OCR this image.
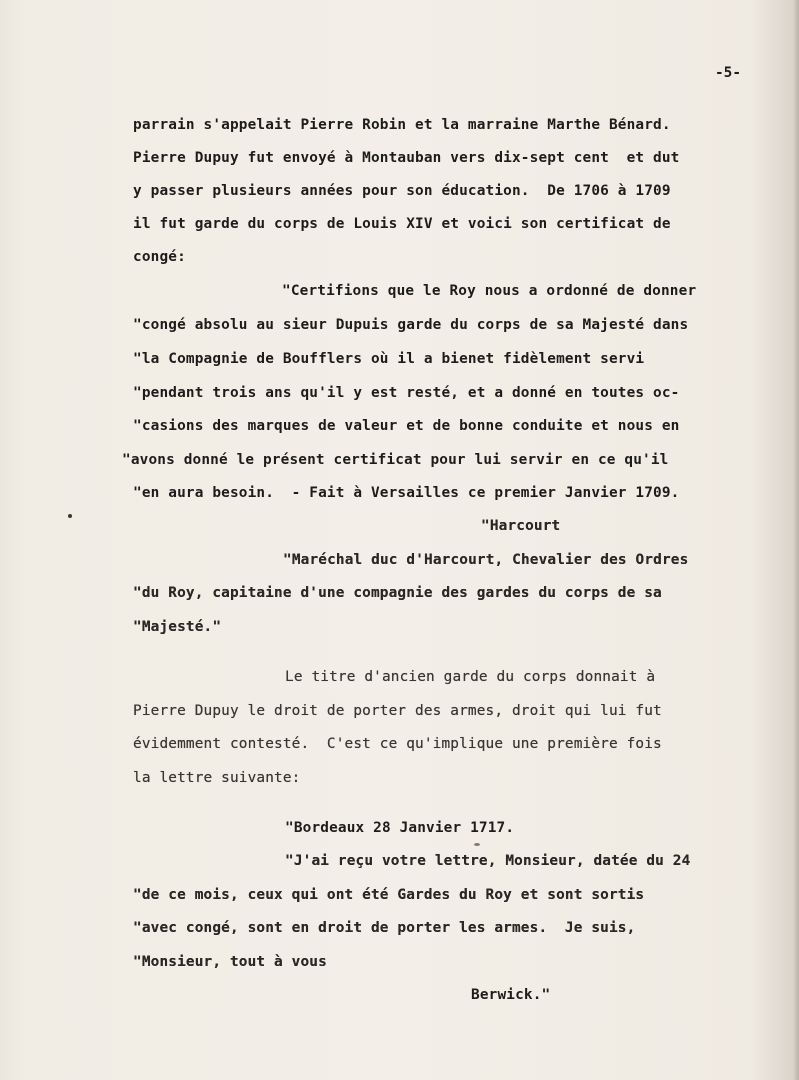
-5-
parrain s'appelait Pierre Robin et la marraine Marthe Bénard.
Pierre Dupuy fut envoyé à Montauban vers dix-sept cent  et dut
y passer plusieurs années pour son éducation.  De 1706 à 1709
il fut garde du corps de Louis XIV et voici son certificat de
congé:
"Certifions que le Roy nous a ordonné de donner
"congé absolu au sieur Dupuis garde du corps de sa Majesté dans
"la Compagnie de Boufflers où il a bienet fidèlement servi
"pendant trois ans qu'il y est resté, et a donné en toutes oc-
"casions des marques de valeur et de bonne conduite et nous en
"avons donné le présent certificat pour lui servir en ce qu'il
"en aura besoin.  - Fait à Versailles ce premier Janvier 1709.
"Harcourt
"Maréchal duc d'Harcourt, Chevalier des Ordres
"du Roy, capitaine d'une compagnie des gardes du corps de sa
"Majesté."
Le titre d'ancien garde du corps donnait à
Pierre Dupuy le droit de porter des armes, droit qui lui fut
évidemment contesté.  C'est ce qu'implique une première fois
la lettre suivante:
"Bordeaux 28 Janvier 1717.
"J'ai reçu votre lettre, Monsieur, datée du 24
"de ce mois, ceux qui ont été Gardes du Roy et sont sortis
"avec congé, sont en droit de porter les armes.  Je suis,
"Monsieur, tout à vous
Berwick."
